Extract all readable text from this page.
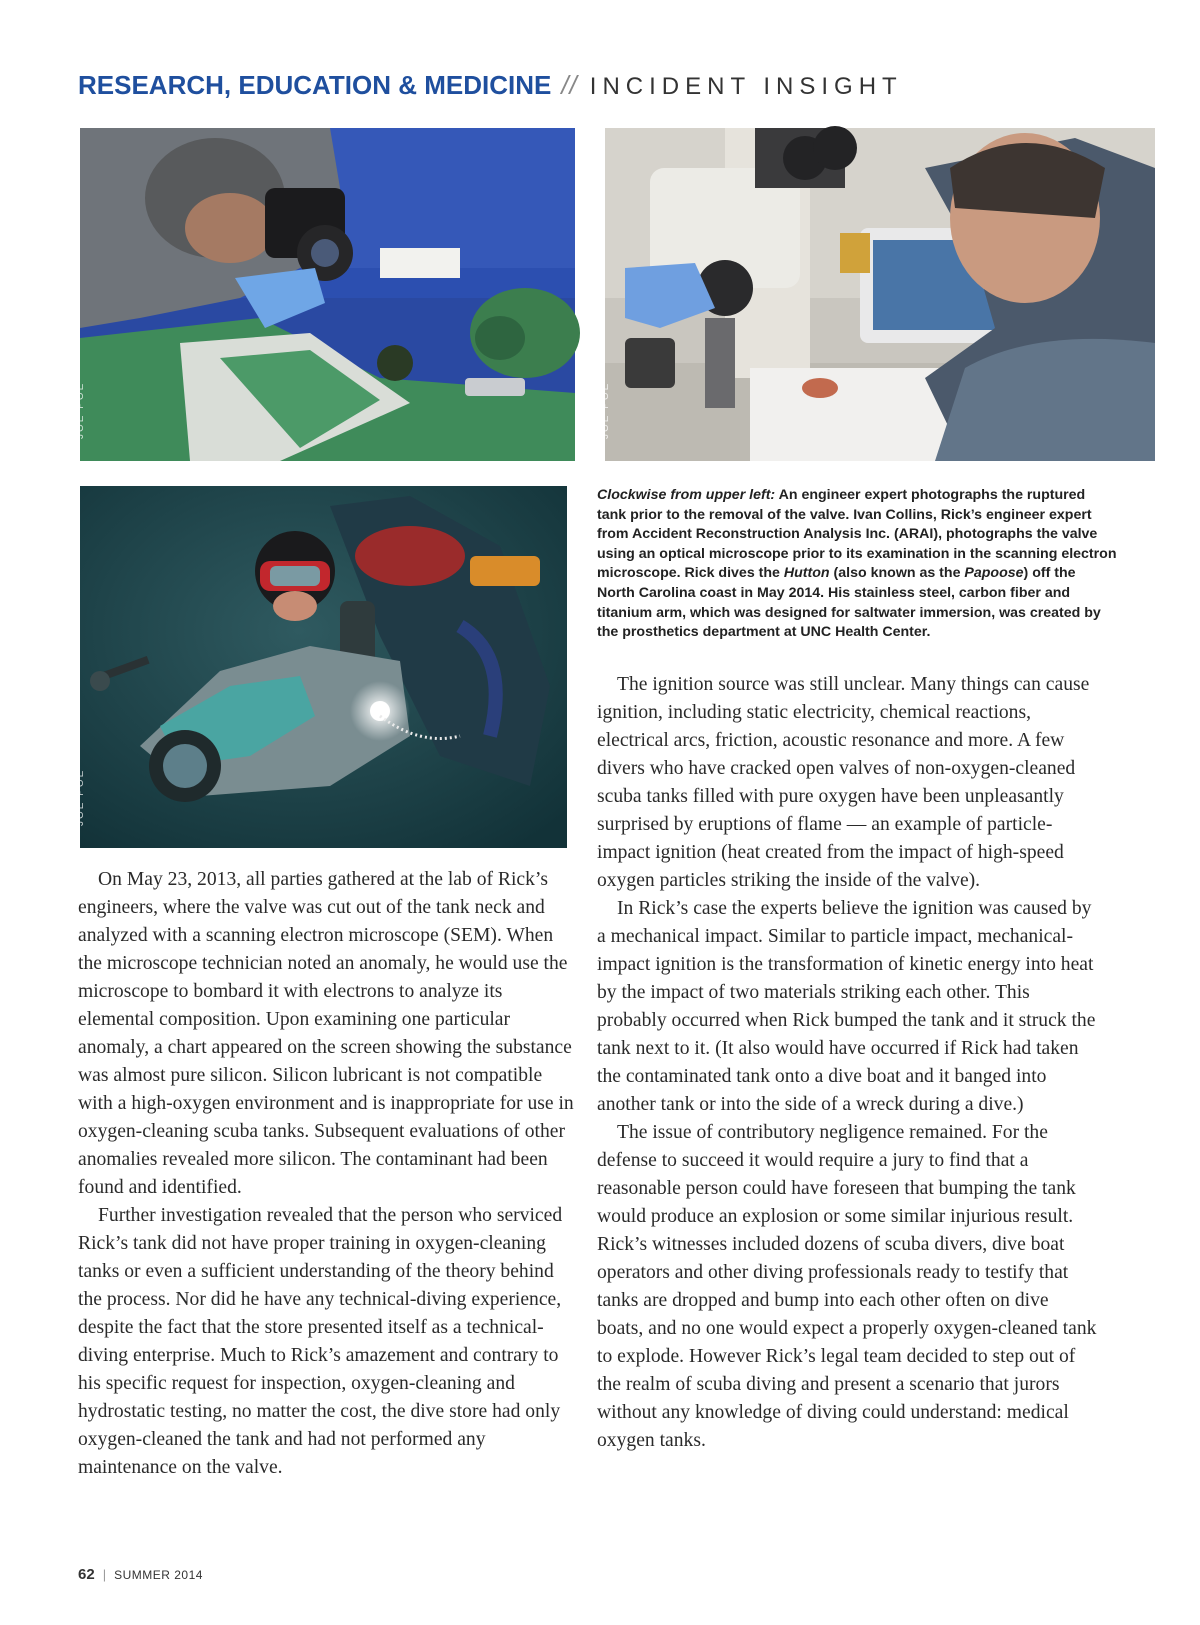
RESEARCH, EDUCATION & MEDICINE // INCIDENT INSIGHT
JOE POE	JOE POE
JOE POE
Clockwise from upper left: An engineer expert photographs the ruptured tank prior to the removal of the valve. Ivan Collins, Rick’s engineer expert from Accident Reconstruction Analysis Inc. (ARAI), photographs the valve using an optical microscope prior to its examination in the scanning electron microscope. Rick dives the Hutton (also known as the Papoose) off the North Carolina coast in May 2014. His stainless steel, carbon fiber and titanium arm, which was designed for saltwater immersion, was created by the prosthetics department at UNC Health Center.

On May 23, 2013, all parties gathered at the lab of Rick’s engineers, where the valve was cut out of the tank neck and analyzed with a scanning electron microscope (SEM). When the microscope technician noted an anomaly, he would use the microscope to bombard it with electrons to analyze its elemental composition. Upon examining one particular anomaly, a chart appeared on the screen showing the substance was almost pure silicon. Silicon lubricant is not compatible with a high-oxygen environment and is inappropriate for use in oxygen-cleaning scuba tanks. Subsequent evaluations of other anomalies revealed more silicon. The contaminant had been found and identified.

Further investigation revealed that the person who serviced Rick’s tank did not have proper training in oxygen-cleaning tanks or even a sufficient understanding of the theory behind the process. Nor did he have any technical-diving experience, despite the fact that the store presented itself as a technical-diving enterprise. Much to Rick’s amazement and contrary to his specific request for inspection, oxygen-cleaning and hydrostatic testing, no matter the cost, the dive store had only oxygen-cleaned the tank and had not performed any maintenance on the valve.

The ignition source was still unclear. Many things can cause ignition, including static electricity, chemical reactions, electrical arcs, friction, acoustic resonance and more. A few divers who have cracked open valves of non-oxygen-cleaned scuba tanks filled with pure oxygen have been unpleasantly surprised by eruptions of flame — an example of particle-impact ignition (heat created from the impact of high-speed oxygen particles striking the inside of the valve).

In Rick’s case the experts believe the ignition was caused by a mechanical impact. Similar to particle impact, mechanical-impact ignition is the transformation of kinetic energy into heat by the impact of two materials striking each other. This probably occurred when Rick bumped the tank and it struck the tank next to it. (It also would have occurred if Rick had taken the contaminated tank onto a dive boat and it banged into another tank or into the side of a wreck during a dive.)

The issue of contributory negligence remained. For the defense to succeed it would require a jury to find that a reasonable person could have foreseen that bumping the tank would produce an explosion or some similar injurious result. Rick’s witnesses included dozens of scuba divers, dive boat operators and other diving professionals ready to testify that tanks are dropped and bump into each other often on dive boats, and no one would expect a properly oxygen-cleaned tank to explode. However Rick’s legal team decided to step out of the realm of scuba diving and present a scenario that jurors without any knowledge of diving could understand: medical oxygen tanks.

62 | SUMMER 2014
